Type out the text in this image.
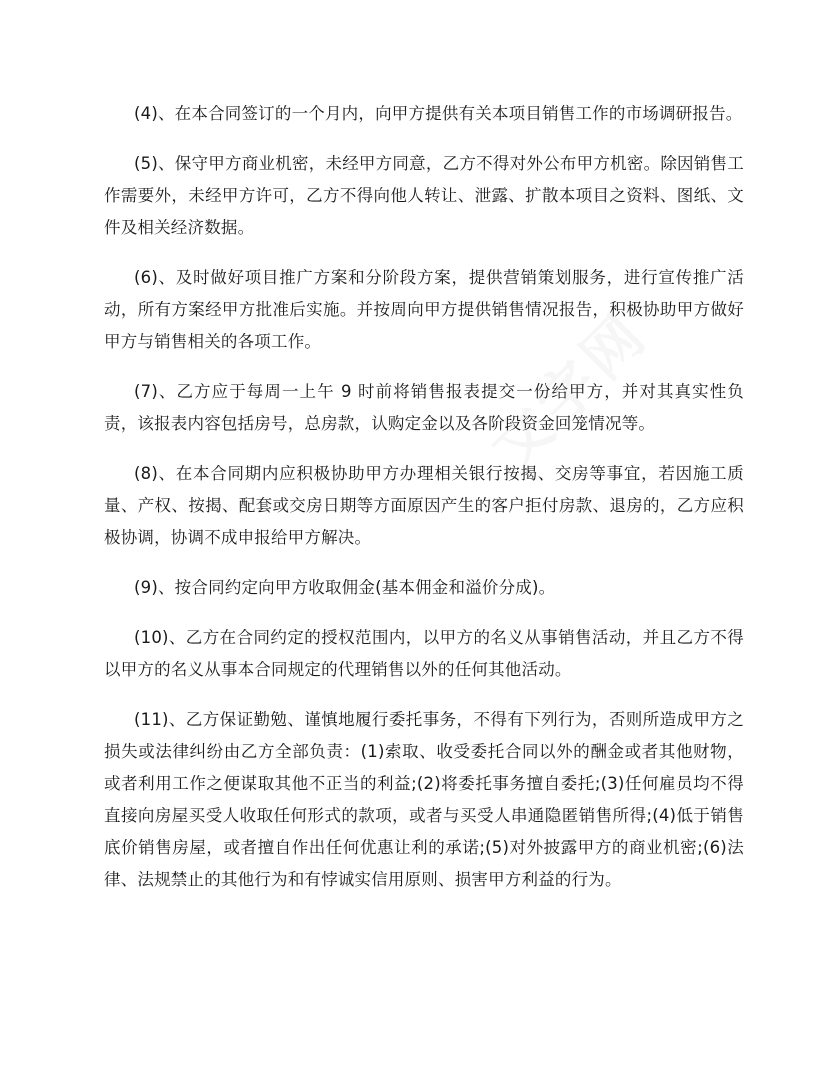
(4)、在本合同签订的一个月内，向甲方提供有关本项目销售工作的市场调研报告。

(5)、保守甲方商业机密，未经甲方同意，乙方不得对外公布甲方机密。除因销售工作需要外，未经甲方许可，乙方不得向他人转让、泄露、扩散本项目之资料、图纸、文件及相关经济数据。

(6)、及时做好项目推广方案和分阶段方案，提供营销策划服务，进行宣传推广活动，所有方案经甲方批准后实施。并按周向甲方提供销售情况报告，积极协助甲方做好甲方与销售相关的各项工作。

(7)、乙方应于每周一上午 9 时前将销售报表提交一份给甲方，并对其真实性负责，该报表内容包括房号，总房款，认购定金以及各阶段资金回笼情况等。

(8)、在本合同期内应积极协助甲方办理相关银行按揭、交房等事宜，若因施工质量、产权、按揭、配套或交房日期等方面原因产生的客户拒付房款、退房的，乙方应积极协调，协调不成申报给甲方解决。

(9)、按合同约定向甲方收取佣金(基本佣金和溢价分成)。

(10)、乙方在合同约定的授权范围内，以甲方的名义从事销售活动，并且乙方不得以甲方的名义从事本合同规定的代理销售以外的任何其他活动。

(11)、乙方保证勤勉、谨慎地履行委托事务，不得有下列行为，否则所造成甲方之损失或法律纠纷由乙方全部负责：(1)索取、收受委托合同以外的酬金或者其他财物，或者利用工作之便谋取其他不正当的利益;(2)将委托事务擅自委托;(3)任何雇员均不得直接向房屋买受人收取任何形式的款项，或者与买受人串通隐匿销售所得;(4)低于销售底价销售房屋，或者擅自作出任何优惠让利的承诺;(5)对外披露甲方的商业机密;(6)法律、法规禁止的其他行为和有悖诚实信用原则、损害甲方利益的行为。
